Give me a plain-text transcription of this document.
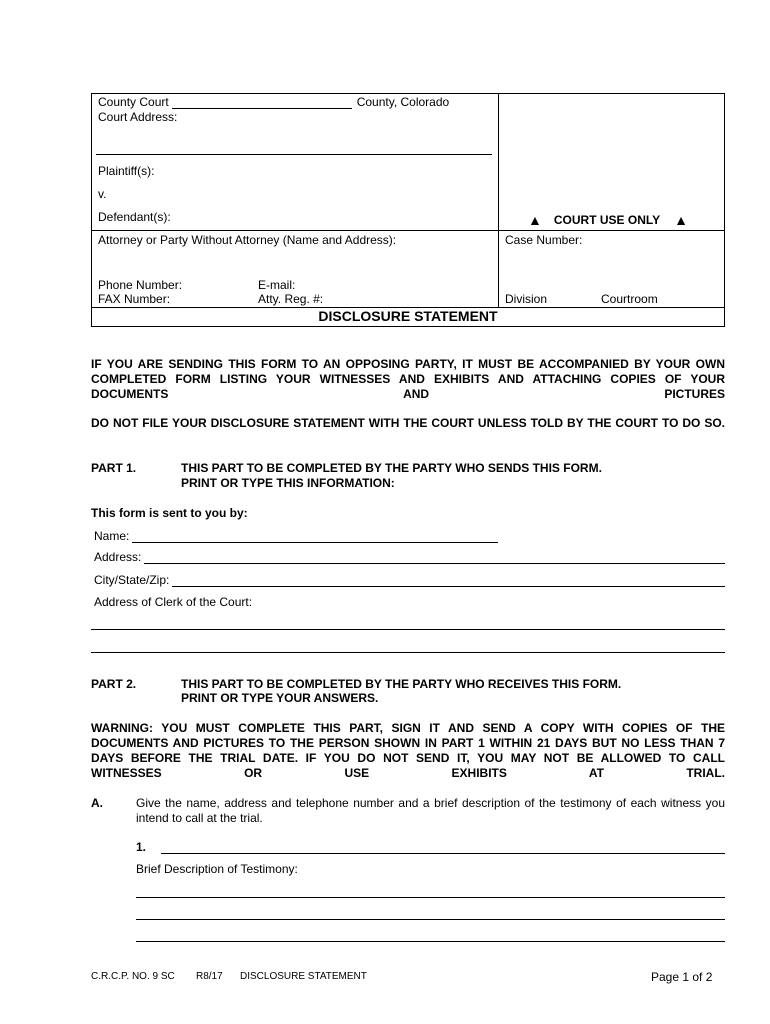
County Court	County, Colorado
Court Address:
Plaintiff(s):
v.
Defendant(s):	▲ COURT USE ONLY ▲
Attorney or Party Without Attorney (Name and Address):	Case Number:
Phone Number:	E-mail:
FAX Number:	Atty. Reg. #:	Division	Courtroom
DISCLOSURE STATEMENT
IF YOU ARE SENDING THIS FORM TO AN OPPOSING PARTY, IT MUST BE ACCOMPANIED BY YOUR OWN COMPLETED FORM LISTING YOUR WITNESSES AND EXHIBITS AND ATTACHING COPIES OF YOUR DOCUMENTS AND PICTURES
DO NOT FILE YOUR DISCLOSURE STATEMENT WITH THE COURT UNLESS TOLD BY THE COURT TO DO SO.
PART 1.	THIS PART TO BE COMPLETED BY THE PARTY WHO SENDS THIS FORM.
PRINT OR TYPE THIS INFORMATION:
This form is sent to you by:
Name:
Address:
City/State/Zip:
Address of Clerk of the Court:
PART 2.	THIS PART TO BE COMPLETED BY THE PARTY WHO RECEIVES THIS FORM.
PRINT OR TYPE YOUR ANSWERS.
WARNING: YOU MUST COMPLETE THIS PART, SIGN IT AND SEND A COPY WITH COPIES OF THE DOCUMENTS AND PICTURES TO THE PERSON SHOWN IN PART 1 WITHIN 21 DAYS BUT NO LESS THAN 7 DAYS BEFORE THE TRIAL DATE. IF YOU DO NOT SEND IT, YOU MAY NOT BE ALLOWED TO CALL WITNESSES OR USE EXHIBITS AT TRIAL.
A.	Give the name, address and telephone number and a brief description of the testimony of each witness you intend to call at the trial.
1.
Brief Description of Testimony:
C.R.C.P. NO. 9 SC R8/17 DISCLOSURE STATEMENT	Page 1 of 2
